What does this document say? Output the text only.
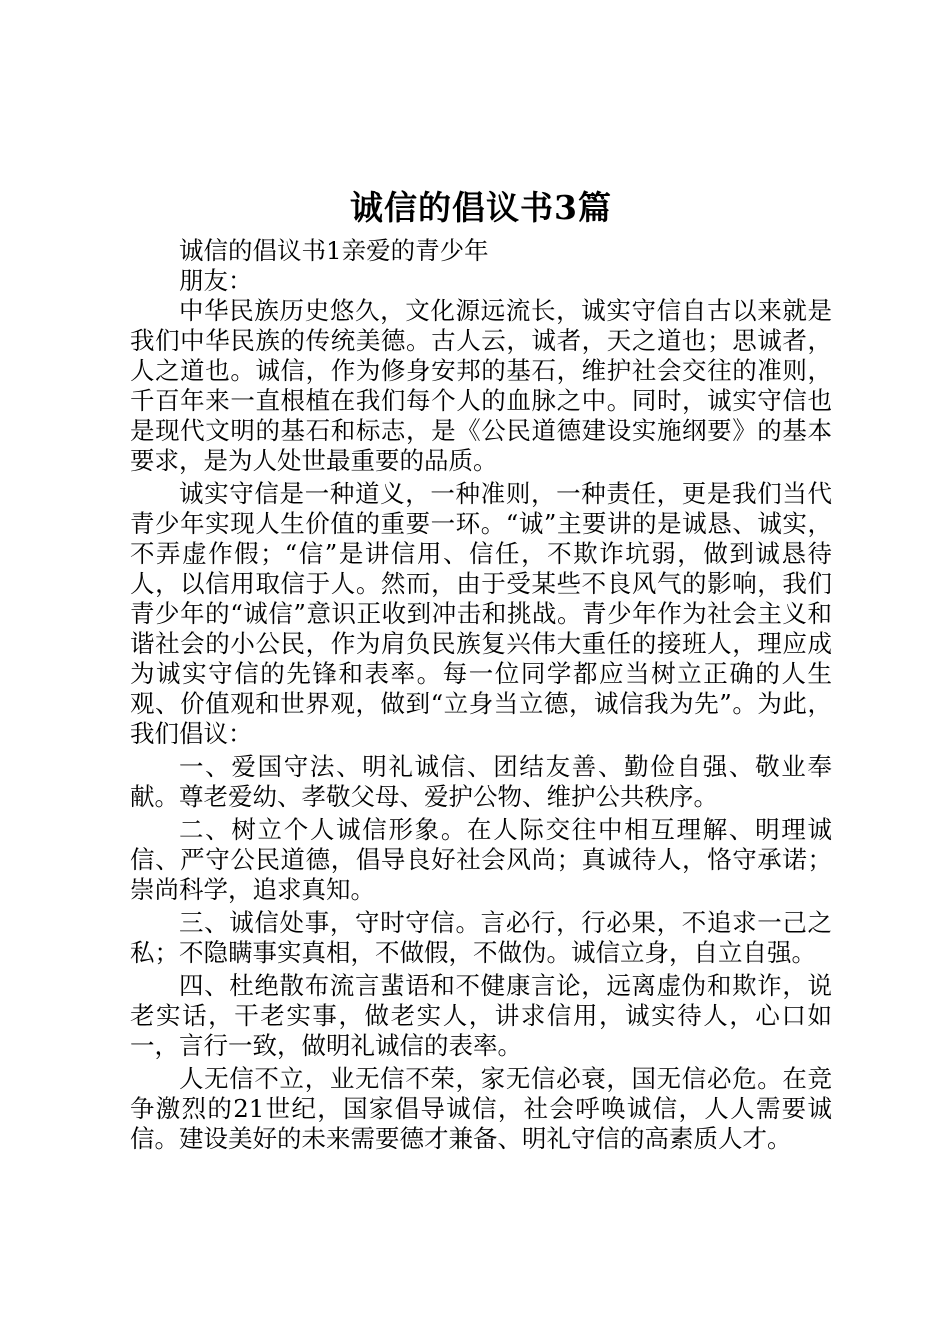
诚信的倡议书3篇

诚信的倡议书1亲爱的青少年

朋友：

中华民族历史悠久，文化源远流长，诚实守信自古以来就是我们中华民族的传统美德。古人云，诚者，天之道也；思诚者，人之道也。诚信，作为修身安邦的基石，维护社会交往的准则，千百年来一直根植在我们每个人的血脉之中。同时，诚实守信也是现代文明的基石和标志，是《公民道德建设实施纲要》的基本要求，是为人处世最重要的品质。

诚实守信是一种道义，一种准则，一种责任，更是我们当代青少年实现人生价值的重要一环。“诚”主要讲的是诚恳、诚实，不弄虚作假；“信”是讲信用、信任，不欺诈坑弱，做到诚恳待人，以信用取信于人。然而，由于受某些不良风气的影响，我们青少年的“诚信”意识正收到冲击和挑战。青少年作为社会主义和谐社会的小公民，作为肩负民族复兴伟大重任的接班人，理应成为诚实守信的先锋和表率。每一位同学都应当树立正确的人生观、价值观和世界观，做到“立身当立德，诚信我为先”。为此，我们倡议：

一、爱国守法、明礼诚信、团结友善、勤俭自强、敬业奉献。尊老爱幼、孝敬父母、爱护公物、维护公共秩序。

二、树立个人诚信形象。在人际交往中相互理解、明理诚信、严守公民道德，倡导良好社会风尚；真诚待人，恪守承诺；崇尚科学，追求真知。

三、诚信处事，守时守信。言必行，行必果，不追求一己之私；不隐瞒事实真相，不做假，不做伪。诚信立身，自立自强。

四、杜绝散布流言蜚语和不健康言论，远离虚伪和欺诈，说老实话，干老实事，做老实人，讲求信用，诚实待人，心口如一，言行一致，做明礼诚信的表率。

人无信不立，业无信不荣，家无信必衰，国无信必危。在竞争激烈的21世纪，国家倡导诚信，社会呼唤诚信，人人需要诚信。建设美好的未来需要德才兼备、明礼守信的高素质人才。
